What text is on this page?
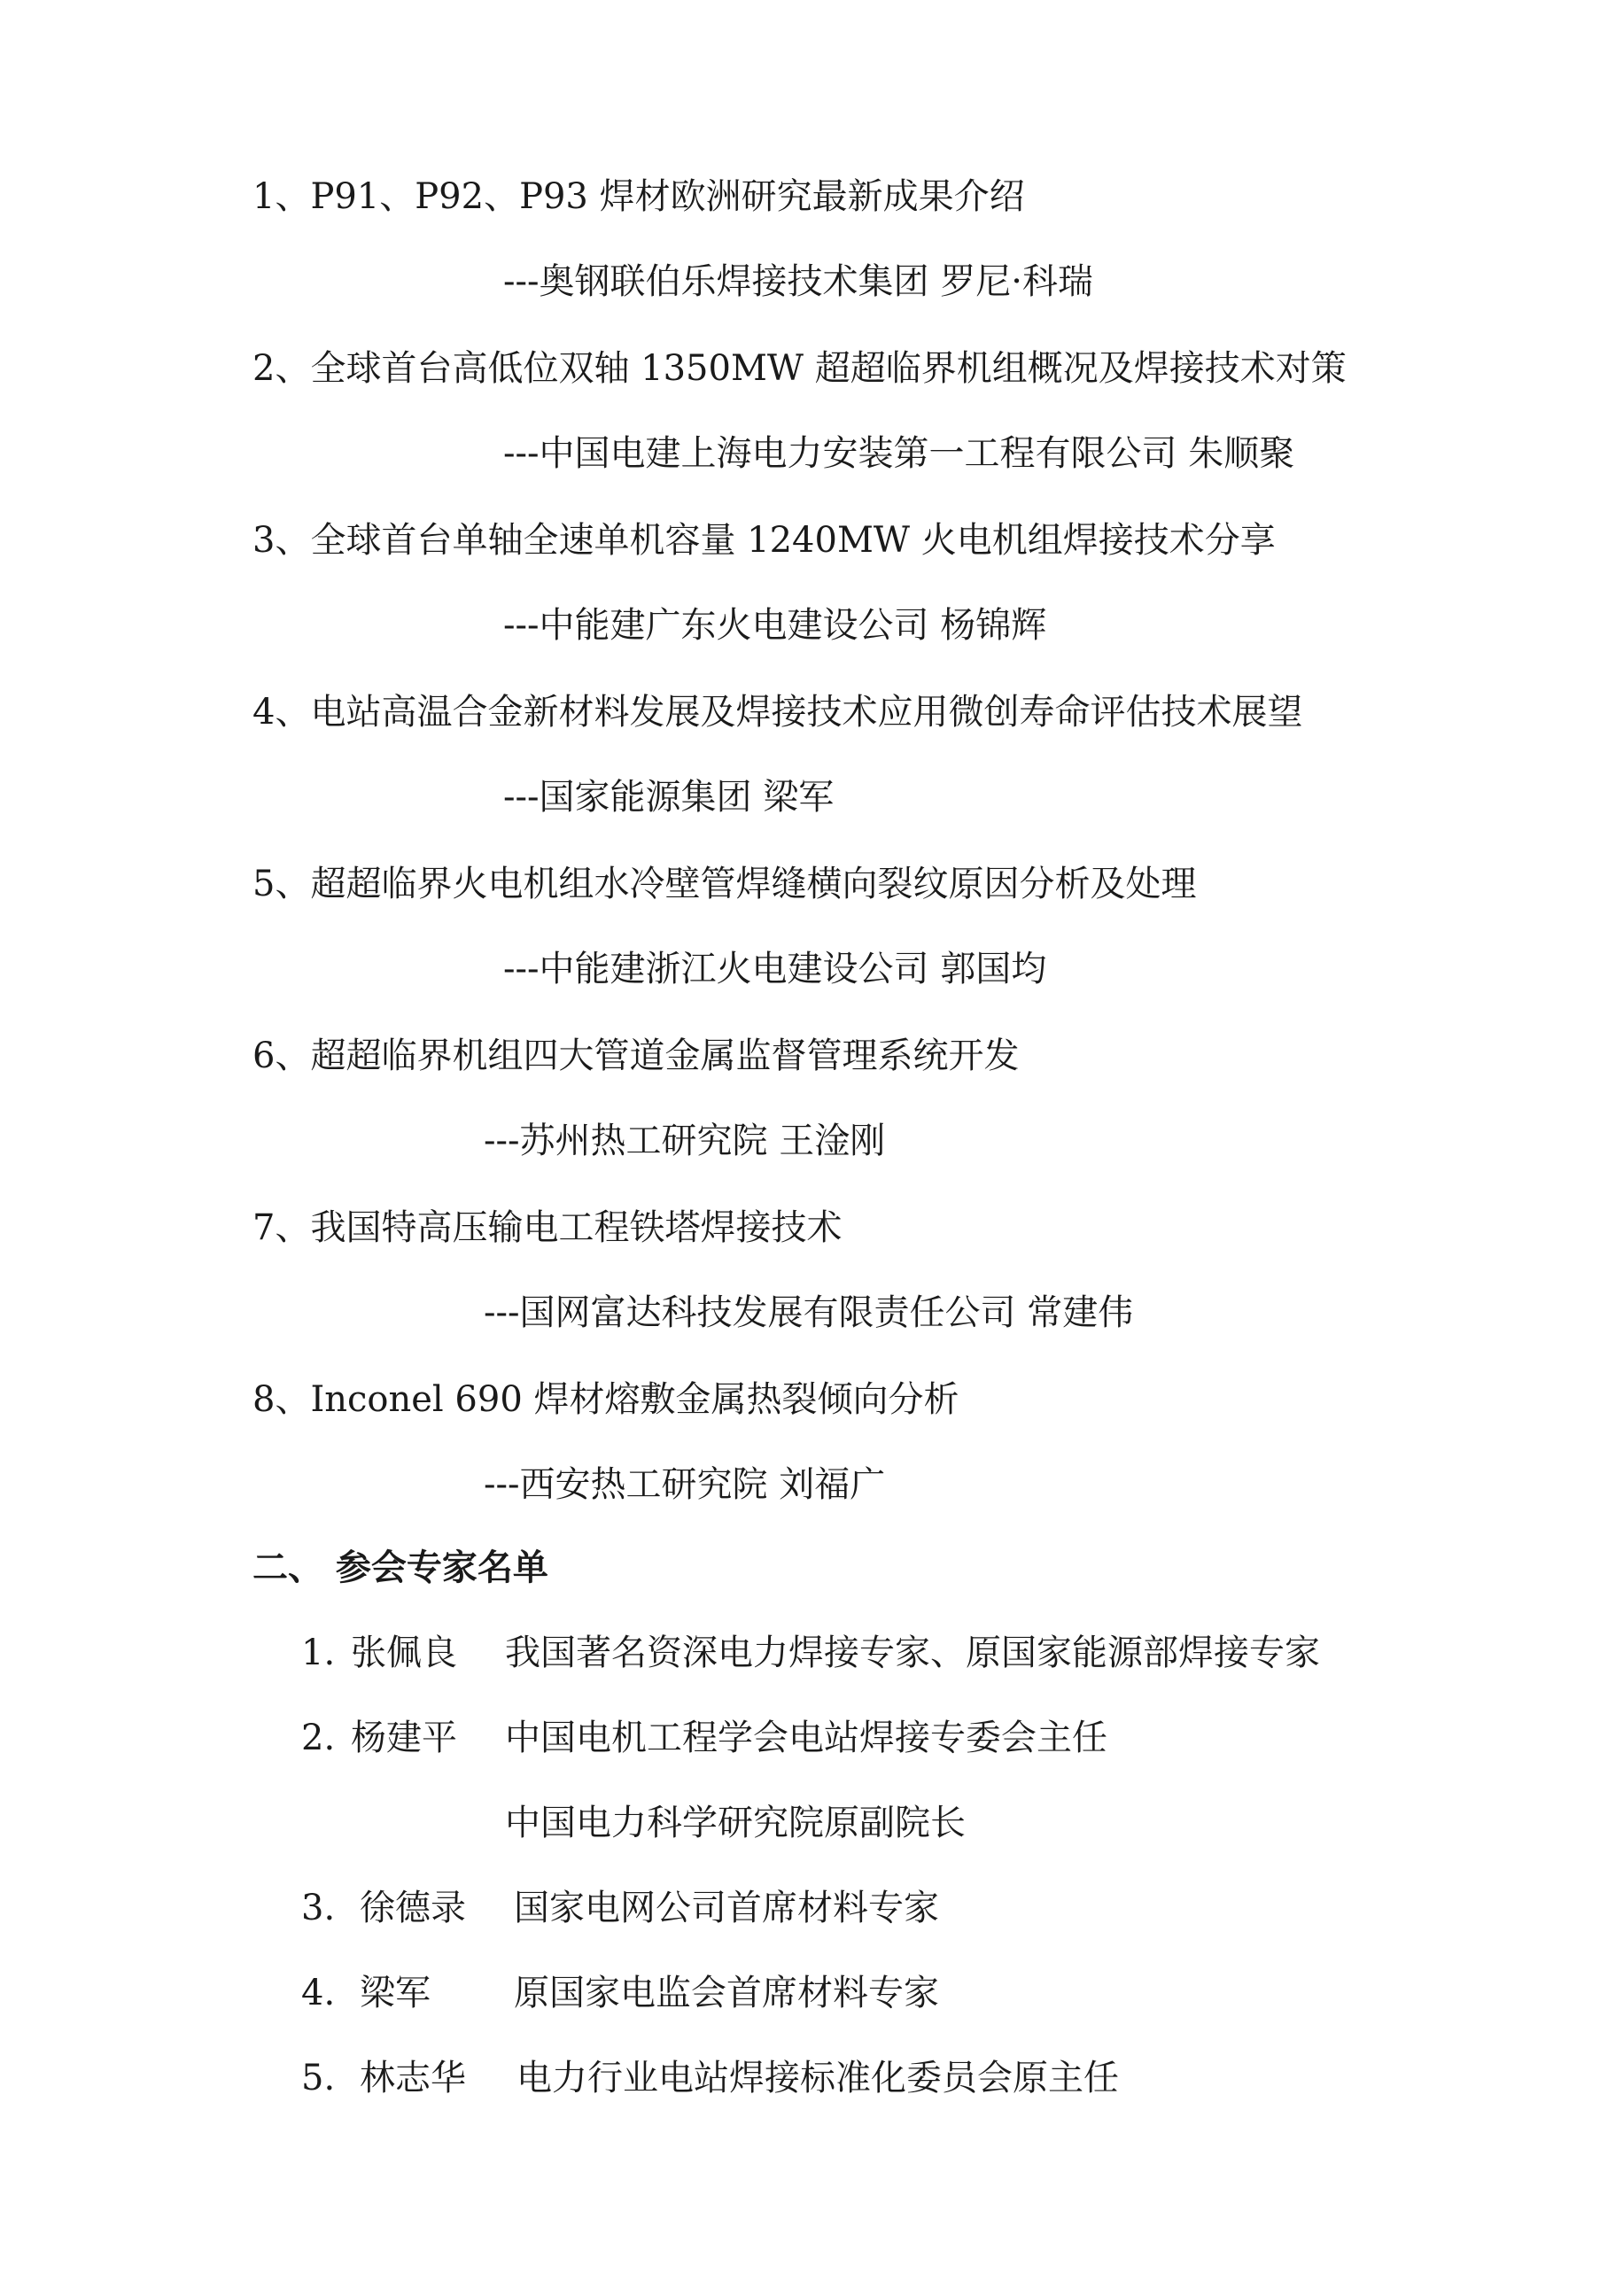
1、P91、P92、P93 焊材欧洲研究最新成果介绍
---奥钢联伯乐焊接技术集团 罗尼·科瑞
2、全球首台高低位双轴 1350MW 超超临界机组概况及焊接技术对策
---中国电建上海电力安装第一工程有限公司 朱顺聚
3、全球首台单轴全速单机容量 1240MW 火电机组焊接技术分享
---中能建广东火电建设公司 杨锦辉
4、电站高温合金新材料发展及焊接技术应用微创寿命评估技术展望
---国家能源集团 梁军
5、超超临界火电机组水冷壁管焊缝横向裂纹原因分析及处理
---中能建浙江火电建设公司 郭国均
6、超超临界机组四大管道金属监督管理系统开发
---苏州热工研究院 王淦刚
7、我国特高压输电工程铁塔焊接技术
---国网富达科技发展有限责任公司 常建伟
8、Inconel 690 焊材熔敷金属热裂倾向分析
---西安热工研究院 刘福广
二、 参会专家名单
1. 张佩良 我国著名资深电力焊接专家、原国家能源部焊接专家
2. 杨建平 中国电机工程学会电站焊接专委会主任
中国电力科学研究院原副院长
3. 徐德录 国家电网公司首席材料专家
4. 梁军 原国家电监会首席材料专家
5. 林志华 电力行业电站焊接标准化委员会原主任
